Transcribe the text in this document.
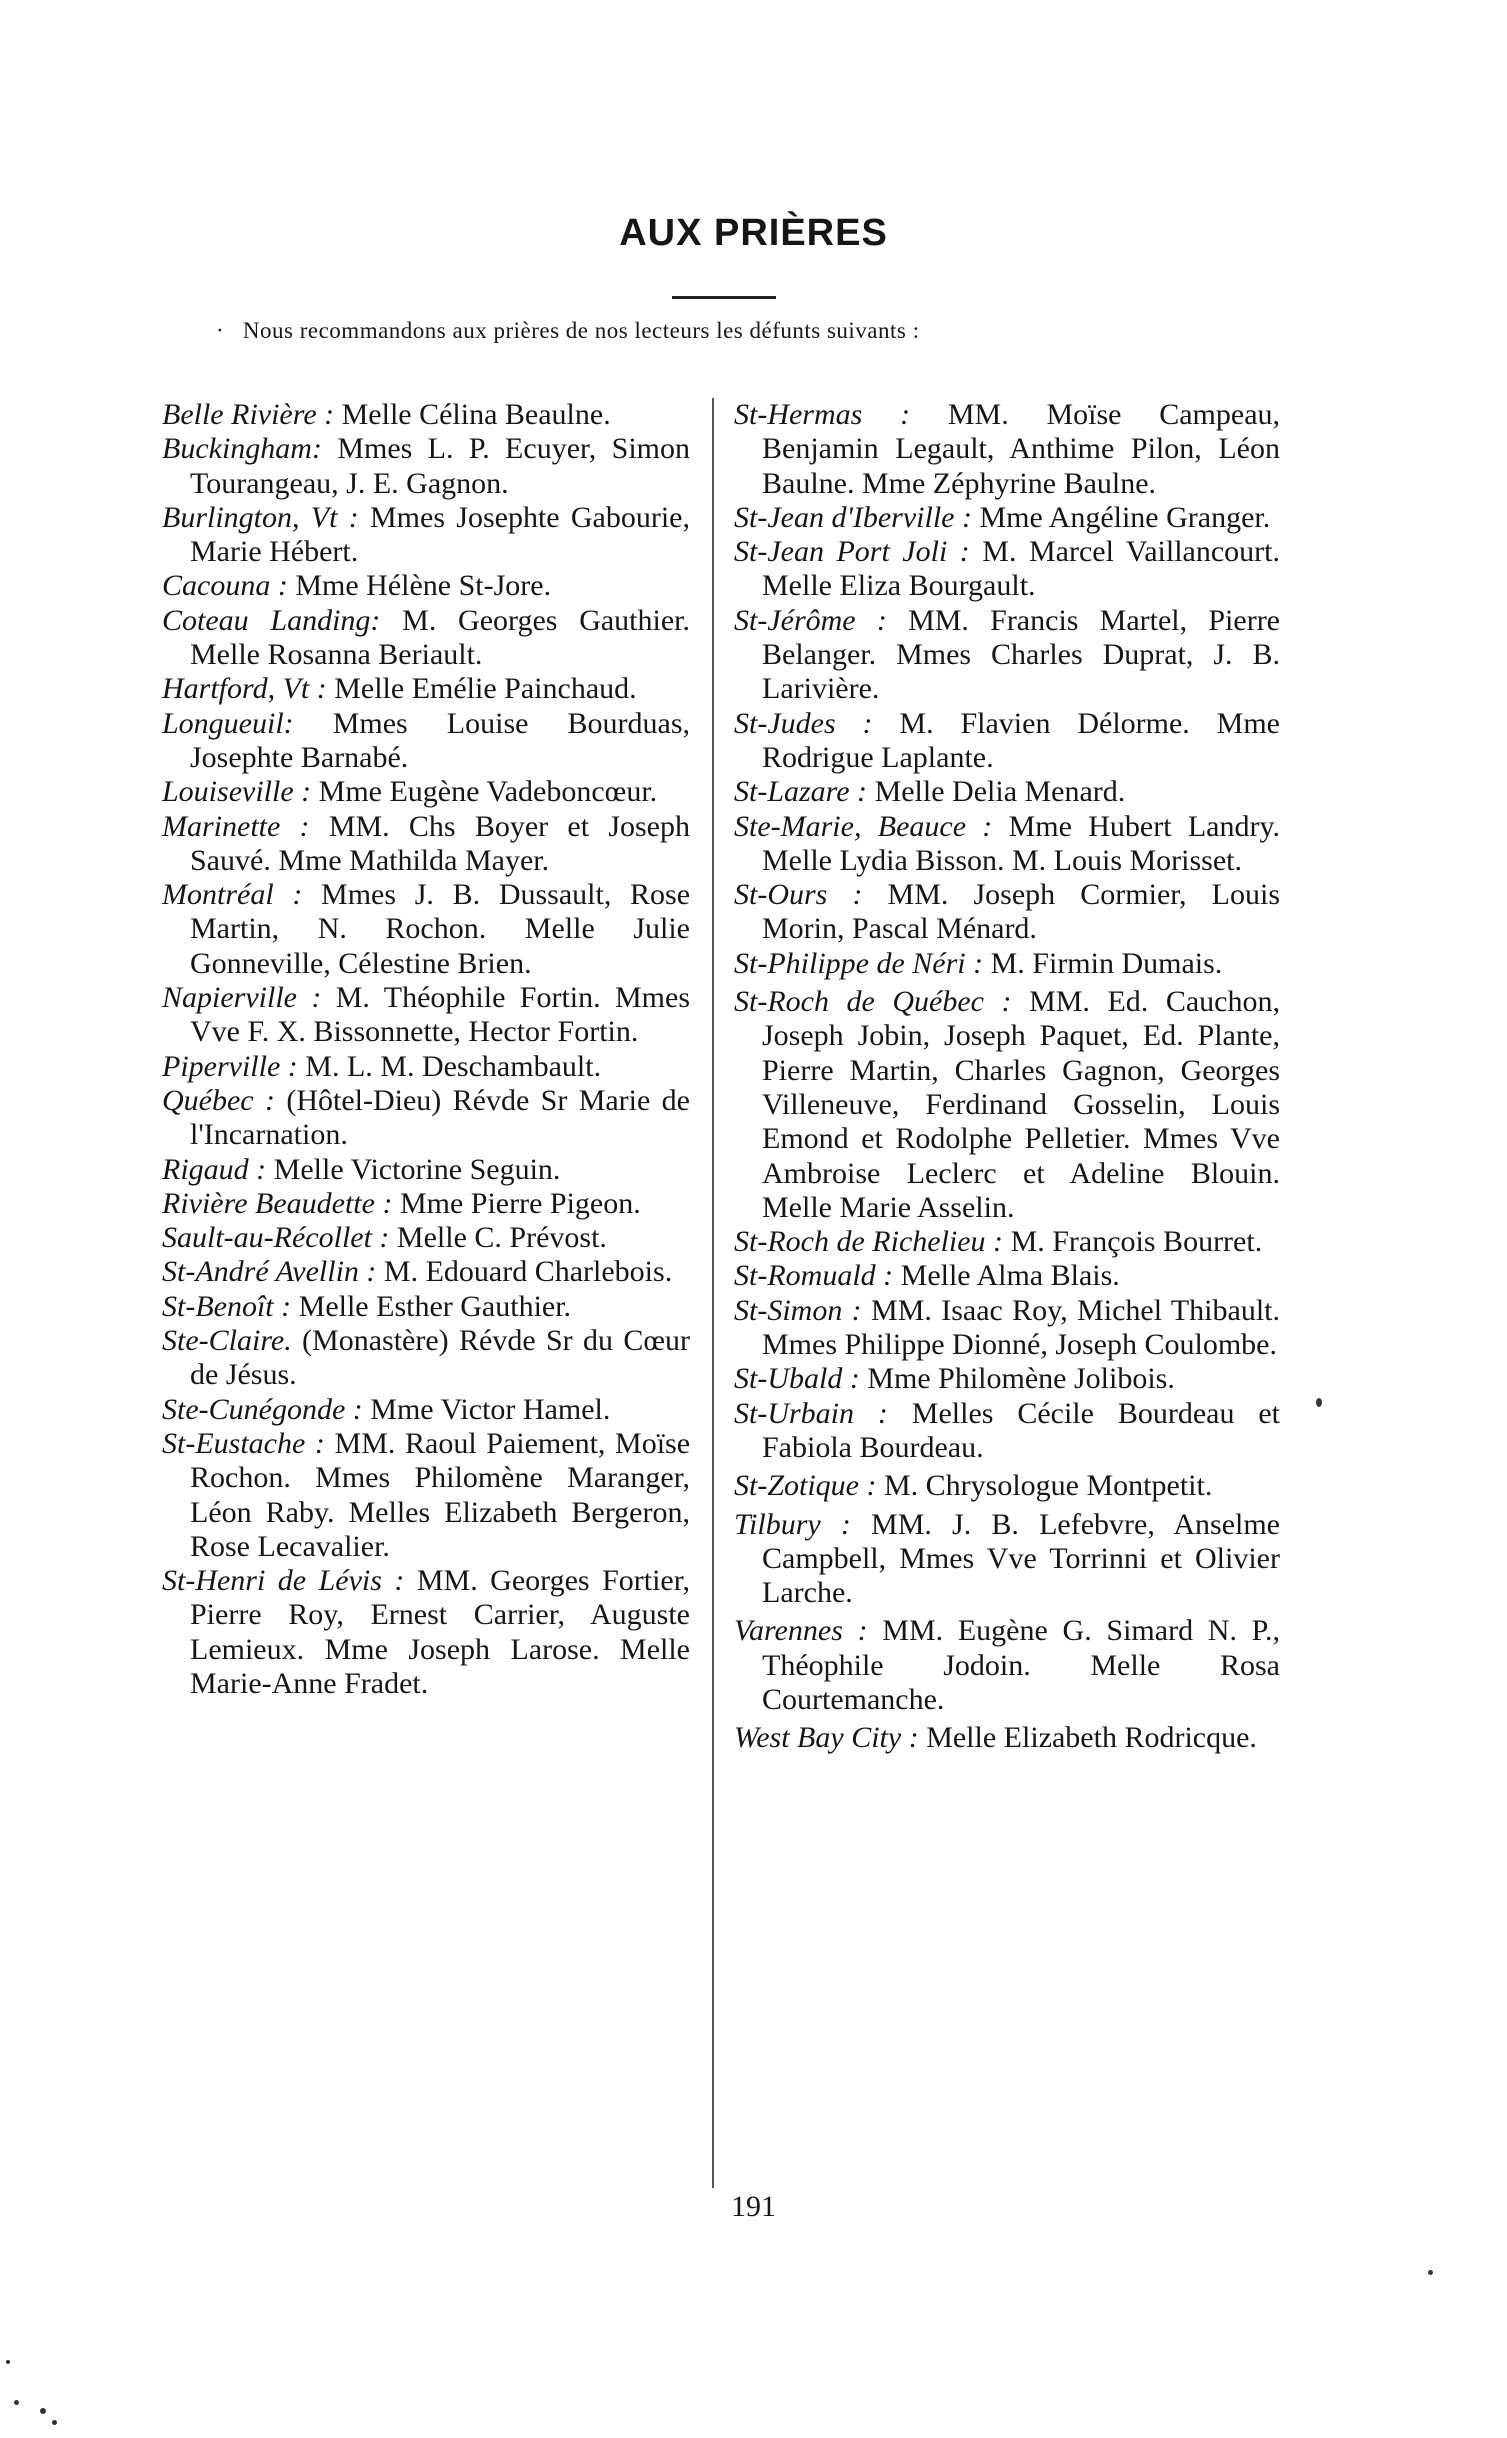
AUX PRIÈRES

·   Nous recommandons aux prières de nos lecteurs les défunts suivants :

Belle Rivière : Melle Célina Beaulne.
Buckingham: Mmes L. P. Ecuyer, Simon Tourangeau, J. E. Gagnon.
Burlington, Vt : Mmes Josephte Gabourie, Marie Hébert.
Cacouna : Mme Hélène St-Jore.
Coteau Landing: M. Georges Gauthier. Melle Rosanna Beriault.
Hartford, Vt : Melle Emélie Painchaud.
Longueuil: Mmes Louise Bourduas, Josephte Barnabé.
Louiseville : Mme Eugène Vadeboncœur.
Marinette : MM. Chs Boyer et Joseph Sauvé. Mme Mathilda Mayer.
Montréal : Mmes J. B. Dussault, Rose Martin, N. Rochon. Melle Julie Gonneville, Célestine Brien.
Napierville : M. Théophile Fortin. Mmes Vve F. X. Bissonnette, Hector Fortin.
Piperville : M. L. M. Deschambault.
Québec : (Hôtel-Dieu) Révde Sr Marie de l'Incarnation.
Rigaud : Melle Victorine Seguin.
Rivière Beaudette : Mme Pierre Pigeon.
Sault-au-Récollet : Melle C. Prévost.
St-André Avellin : M. Edouard Charlebois.
St-Benoît : Melle Esther Gauthier.
Ste-Claire. (Monastère) Révde Sr du Cœur de Jésus.
Ste-Cunégonde : Mme Victor Hamel.
St-Eustache : MM. Raoul Paiement, Moïse Rochon. Mmes Philomène Maranger, Léon Raby. Melles Elizabeth Bergeron, Rose Lecavalier.
St-Henri de Lévis : MM. Georges Fortier, Pierre Roy, Ernest Carrier, Auguste Lemieux. Mme Joseph Larose. Melle Marie-Anne Fradet.
St-Hermas : MM. Moïse Campeau, Benjamin Legault, Anthime Pilon, Léon Baulne. Mme Zéphyrine Baulne.
St-Jean d'Iberville : Mme Angéline Granger.
St-Jean Port Joli : M. Marcel Vaillancourt. Melle Eliza Bourgault.
St-Jérôme : MM. Francis Martel, Pierre Belanger. Mmes Charles Duprat, J. B. Larivière.
St-Judes : M. Flavien Délorme. Mme Rodrigue Laplante.
St-Lazare : Melle Delia Menard.
Ste-Marie, Beauce : Mme Hubert Landry. Melle Lydia Bisson. M. Louis Morisset.
St-Ours : MM. Joseph Cormier, Louis Morin, Pascal Ménard.
St-Philippe de Néri : M. Firmin Dumais.
St-Roch de Québec : MM. Ed. Cauchon, Joseph Jobin, Joseph Paquet, Ed. Plante, Pierre Martin, Charles Gagnon, Georges Villeneuve, Ferdinand Gosselin, Louis Emond et Rodolphe Pelletier. Mmes Vve Ambroise Leclerc et Adeline Blouin. Melle Marie Asselin.
St-Roch de Richelieu : M. François Bourret.
St-Romuald : Melle Alma Blais.
St-Simon : MM. Isaac Roy, Michel Thibault. Mmes Philippe Dionné, Joseph Coulombe.
St-Ubald : Mme Philomène Jolibois.
St-Urbain : Melles Cécile Bourdeau et Fabiola Bourdeau.
St-Zotique : M. Chrysologue Montpetit.
Tilbury : MM. J. B. Lefebvre, Anselme Campbell, Mmes Vve Torrinni et Olivier Larche.
Varennes : MM. Eugène G. Simard N. P., Théophile Jodoin. Melle Rosa Courtemanche.
West Bay City : Melle Elizabeth Rodricque.

191
